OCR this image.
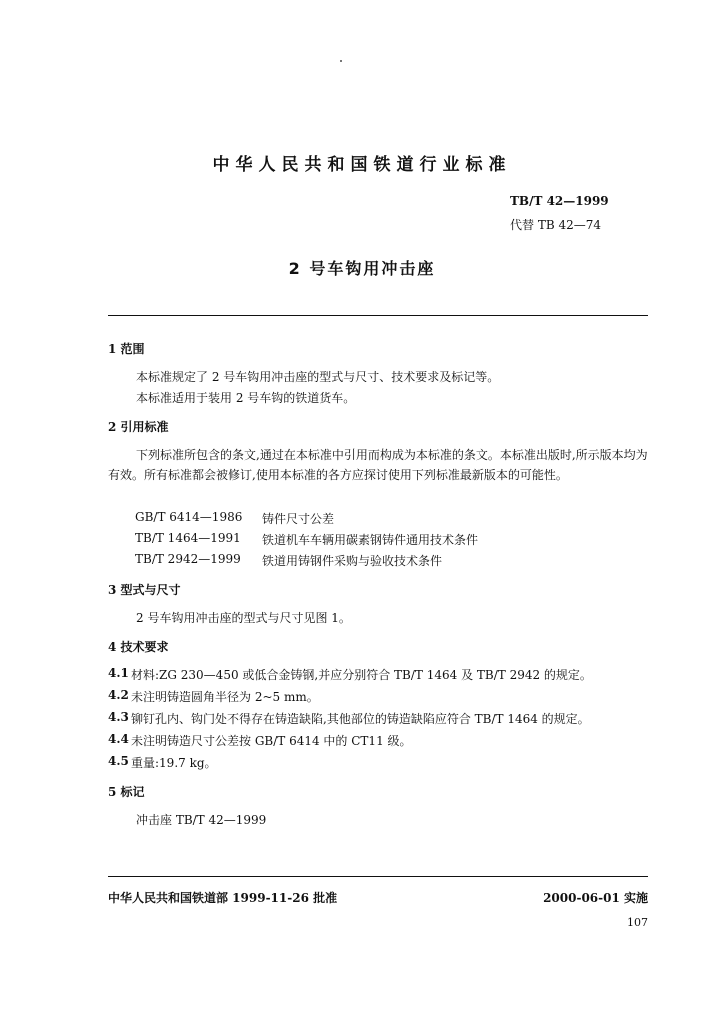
中华人民共和国铁道行业标准
TB/T 42—1999
代替 TB 42—74
2 号车钩用冲击座
1 范围
本标准规定了 2 号车钩用冲击座的型式与尺寸、技术要求及标记等。
本标准适用于装用 2 号车钩的铁道货车。
2 引用标准
下列标准所包含的条文,通过在本标准中引用而构成为本标准的条文。本标准出版时,所示版本均为有效。所有标准都会被修订,使用本标准的各方应探讨使用下列标准最新版本的可能性。
GB/T 6414—1986 铸件尺寸公差
TB/T 1464—1991 铁道机车车辆用碳素钢铸件通用技术条件
TB/T 2942—1999 铁道用铸钢件采购与验收技术条件
3 型式与尺寸
2 号车钩用冲击座的型式与尺寸见图 1。
4 技术要求
4.1 材料:ZG 230—450 或低合金铸钢,并应分别符合 TB/T 1464 及 TB/T 2942 的规定。
4.2 未注明铸造圆角半径为 2~5 mm。
4.3 铆钉孔内、钩门处不得存在铸造缺陷,其他部位的铸造缺陷应符合 TB/T 1464 的规定。
4.4 未注明铸造尺寸公差按 GB/T 6414 中的 CT11 级。
4.5 重量:19.7 kg。
5 标记
冲击座 TB/T 42—1999
中华人民共和国铁道部 1999-11-26 批准	2000-06-01 实施
107
